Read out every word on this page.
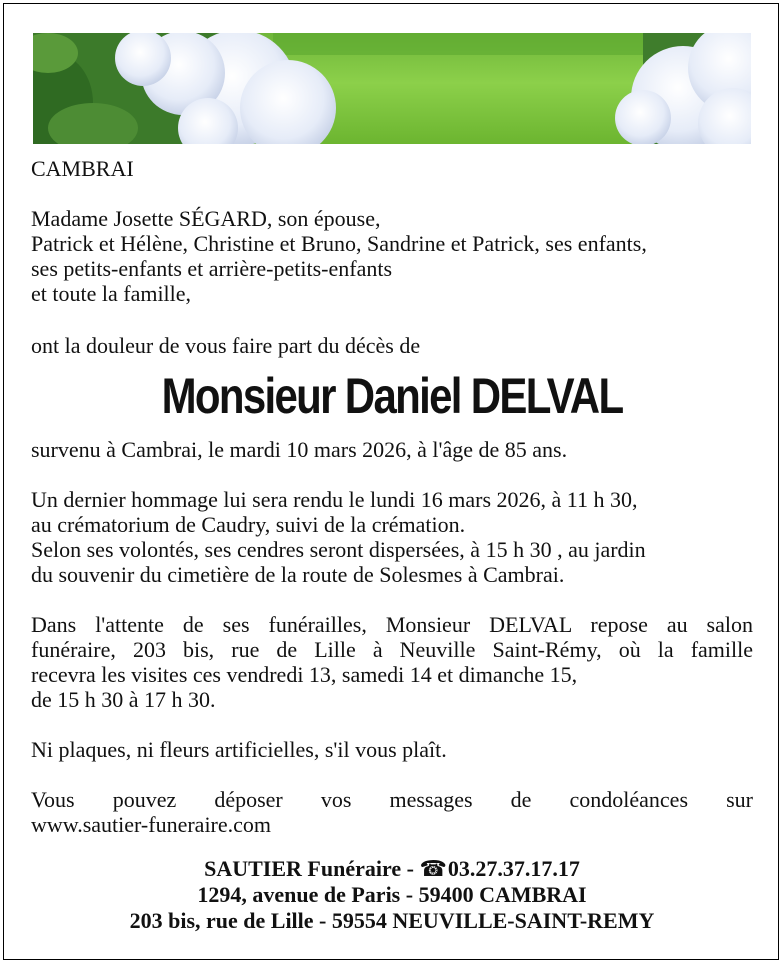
CAMBRAI

Madame Josette SÉGARD, son épouse,
Patrick et Hélène, Christine et Bruno, Sandrine et Patrick, ses enfants,
ses petits-enfants et arrière-petits-enfants
et toute la famille,

ont la douleur de vous faire part du décès de

Monsieur Daniel DELVAL

survenu à Cambrai, le mardi 10 mars 2026, à l'âge de 85 ans.

Un dernier hommage lui sera rendu le lundi 16 mars 2026, à 11 h 30,
au crématorium de Caudry, suivi de la crémation.
Selon ses volontés, ses cendres seront dispersées, à 15 h 30 , au jardin
du souvenir du cimetière de la route de Solesmes à Cambrai.

Dans l'attente de ses funérailles, Monsieur DELVAL repose au salon
funéraire, 203 bis, rue de Lille à Neuville Saint-Rémy, où la famille
recevra les visites ces vendredi 13, samedi 14 et dimanche 15,
de 15 h 30 à 17 h 30.

Ni plaques, ni fleurs artificielles, s'il vous plaît.

Vous pouvez déposer vos messages de condoléances sur
www.sautier-funeraire.com
SAUTIER Funéraire - ☎03.27.37.17.17
1294, avenue de Paris - 59400 CAMBRAI
203 bis, rue de Lille - 59554 NEUVILLE-SAINT-REMY
